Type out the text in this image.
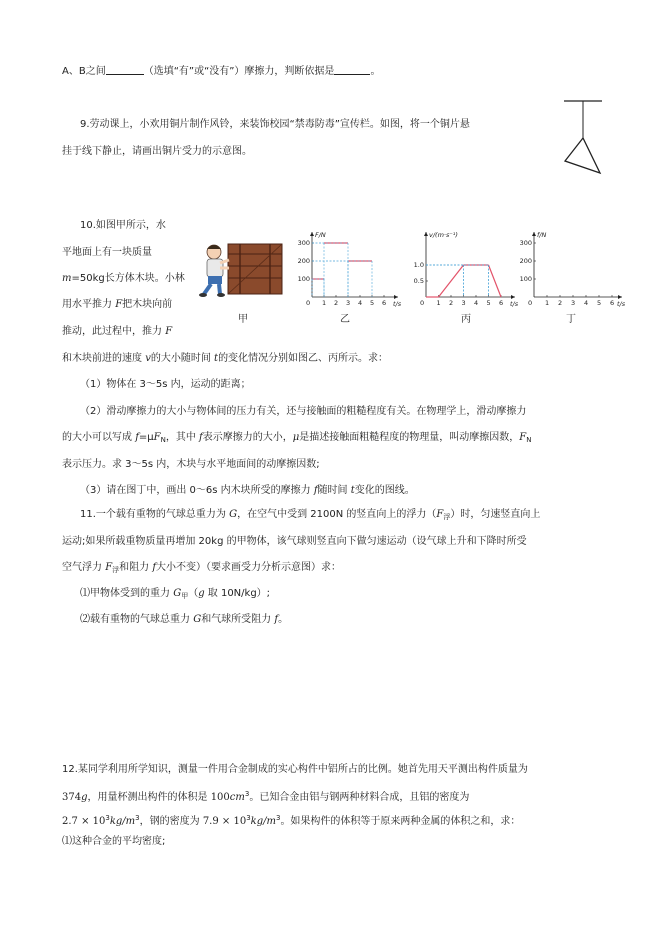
A、B之间	（选填“有”或“没有”）摩擦力，判断依据是	。
9.劳动课上，小欢用铜片制作风铃，来装饰校园“禁毒防毒”宣传栏。如图，将一个铜片悬
挂于线下静止，请画出铜片受力的示意图。
10.如图甲所示，水
平地面上有一块质量
m=50kg长方体木块。小林
用水平推力 F把木块向前
推动，此过程中，推力 F
和木块前进的速度 v的大小随时间 t的变化情况分别如图乙、丙所示。求：
（1）物体在 3～5s 内，运动的距离；
（2）滑动摩擦力的大小与物体间的压力有关，还与接触面的粗糙程度有关。在物理学上，滑动摩擦力
的大小可以写成 $f=\mu F_N$，其中 f表示摩擦力的大小，μ是描述接触面粗糙程度的物理量，叫动摩擦因数，$F_N$
表示压力。求 3～5s 内，木块与水平地面间的动摩擦因数;
（3）请在图丁中，画出 0～6s 内木块所受的摩擦力 f随时间 t变化的图线。
甲
F/N
t/s
0 1 2 3 4 5 6
100
200
300
乙
v/(m·s⁻¹)
t/s
0 1 2 3 4 5 6
0.5
1.0
丙
f/N
t/s
0 1 2 3 4 5 6
100
200
300
丁
11.一个载有重物的气球总重力为 G，在空气中受到 2100N 的竖直向上的浮力$(F_浮)$时，匀速竖直向上
运动;如果所载重物质量再增加 20kg 的甲物体，该气球则竖直向下做匀速运动（设气球上升和下降时所受
空气浮力 $F_浮$和阻力 f大小不变）（要求画受力分析示意图）求：
⑴甲物体受到的重力 $G_甲(g$ 取 10N/kg）;
⑵载有重物的气球总重力 G和气球所受阻力 f。
12.某同学利用所学知识，测量一件用合金制成的实心构件中铝所占的比例。她首先用天平测出构件质量为
374g，用量杯测出构件的体积是 $100cm^3$。已知合金由铝与钢两种材料合成，且铝的密度为
$2.7 \times 10^3kg/m^3$，钢的密度为 $7.9 \times 10^3kg/m^3$。如果构件的体积等于原来两种金属的体积之和，求：
⑴这种合金的平均密度;
